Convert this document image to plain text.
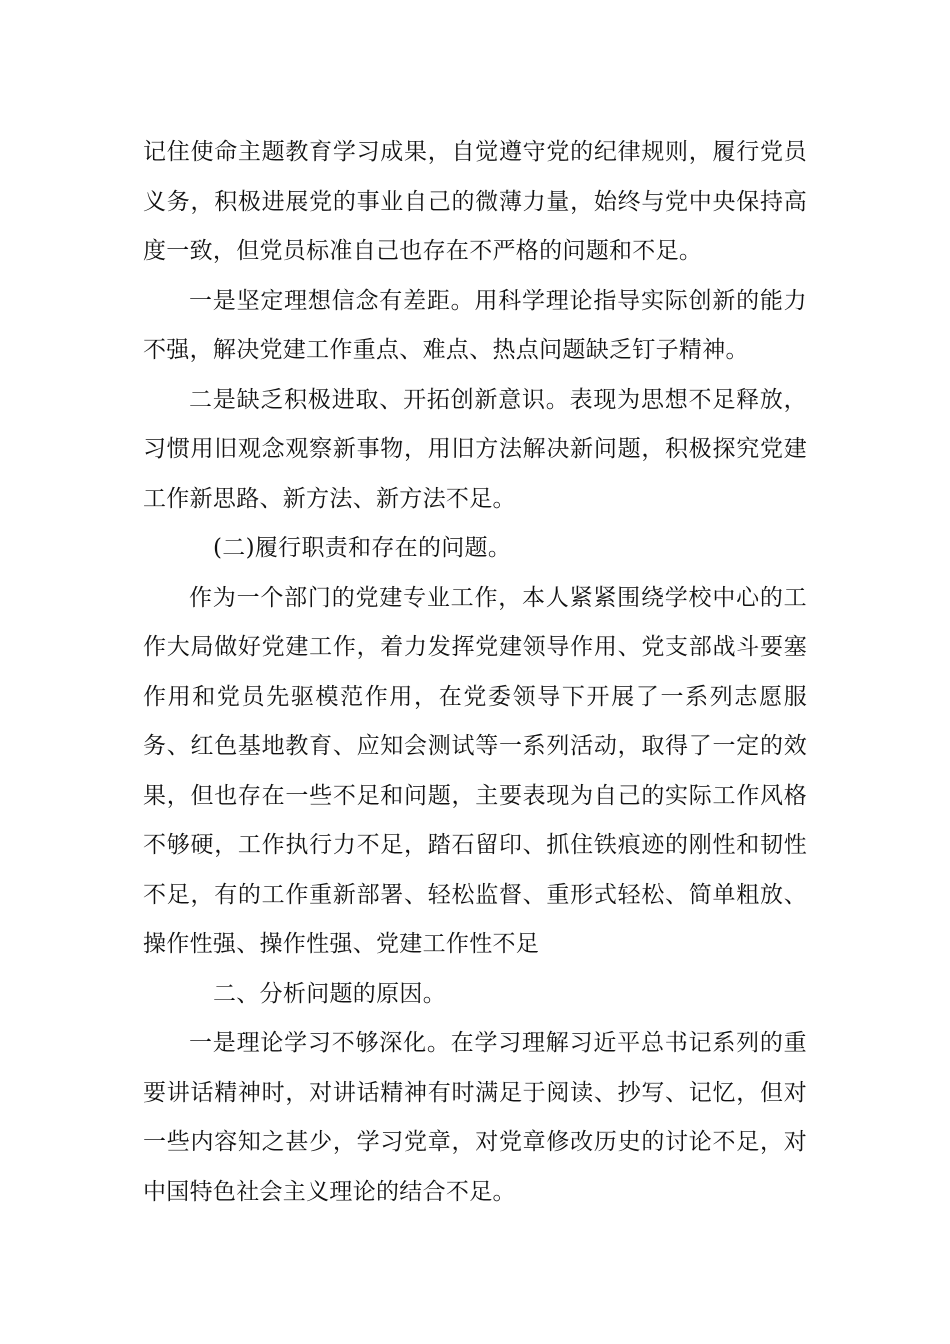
记住使命主题教育学习成果，自觉遵守党的纪律规则，履行党员义务，积极进展党的事业自己的微薄力量，始终与党中央保持高度一致，但党员标准自己也存在不严格的问题和不足。

一是坚定理想信念有差距。用科学理论指导实际创新的能力不强，解决党建工作重点、难点、热点问题缺乏钉子精神。

二是缺乏积极进取、开拓创新意识。表现为思想不足释放，习惯用旧观念观察新事物，用旧方法解决新问题，积极探究党建工作新思路、新方法、新方法不足。

(二)履行职责和存在的问题。

作为一个部门的党建专业工作，本人紧紧围绕学校中心的工作大局做好党建工作，着力发挥党建领导作用、党支部战斗要塞作用和党员先驱模范作用，在党委领导下开展了一系列志愿服务、红色基地教育、应知会测试等一系列活动，取得了一定的效果，但也存在一些不足和问题，主要表现为自己的实际工作风格不够硬，工作执行力不足，踏石留印、抓住铁痕迹的刚性和韧性不足，有的工作重新部署、轻松监督、重形式轻松、简单粗放、操作性强、操作性强、党建工作性不足

二、分析问题的原因。

一是理论学习不够深化。在学习理解习近平总书记系列的重要讲话精神时，对讲话精神有时满足于阅读、抄写、记忆，但对一些内容知之甚少，学习党章，对党章修改历史的讨论不足，对中国特色社会主义理论的结合不足。
